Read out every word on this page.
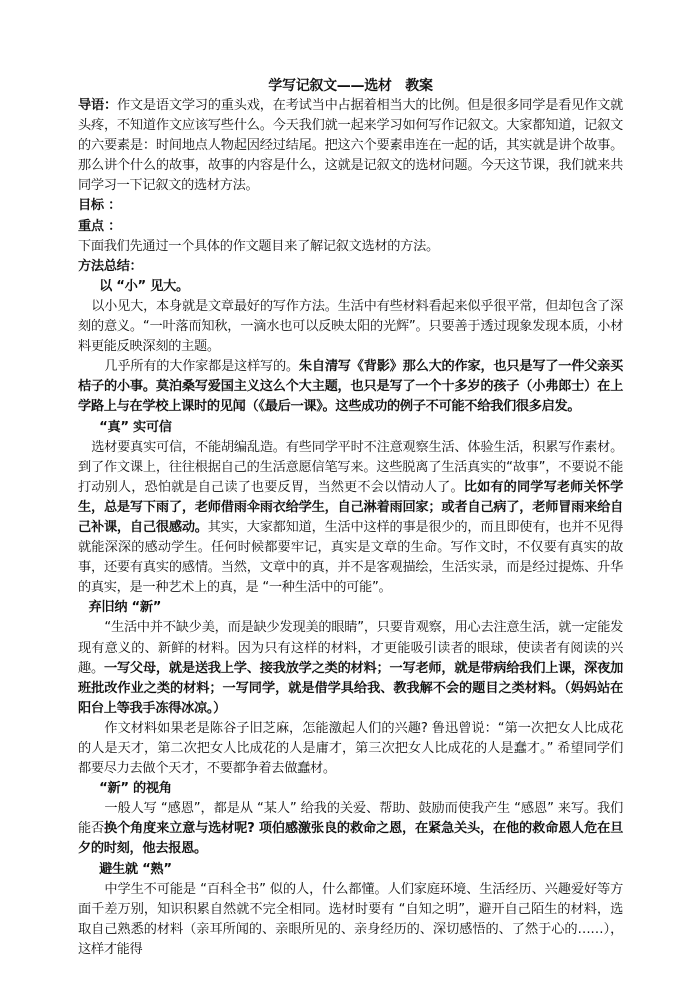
学写记叙文——选材　教案

导语：作文是语文学习的重头戏，在考试当中占据着相当大的比例。但是很多同学是看见作文就头疼，不知道作文应该写些什么。今天我们就一起来学习如何写作记叙文。大家都知道，记叙文的六要素是：时间地点人物起因经过结尾。把这六个要素串连在一起的话，其实就是讲个故事。那么讲个什么的故事，故事的内容是什么，这就是记叙文的选材问题。今天这节课，我们就来共同学习一下记叙文的选材方法。

目标 ：

重点 ：

下面我们先通过一个具体的作文题目来了解记叙文选材的方法。

方法总结：

以 “小” 见大。

以小见大，本身就是文章最好的写作方法。生活中有些材料看起来似乎很平常，但却包含了深刻的意义。“一叶落而知秋，一滴水也可以反映太阳的光辉”。只要善于透过现象发现本质，小材料更能反映深刻的主题。

几乎所有的大作家都是这样写的。朱自清写《背影》那么大的作家，也只是写了一件父亲买桔子的小事。莫泊桑写爱国主义这么个大主题，也只是写了一个十多岁的孩子（小弗郎士）在上学路上与在学校上课时的见闻（《最后一课》。这些成功的例子不可能不给我们很多启发。

“真” 实可信

选材要真实可信，不能胡编乱造。有些同学平时不注意观察生活、体验生活，积累写作素材。到了作文课上，往往根据自己的生活意愿信笔写来。这些脱离了生活真实的“故事”，不要说不能打动别人，恐怕就是自己读了也要反胃，当然更不会以情动人了。比如有的同学写老师关怀学生，总是写下雨了，老师借雨伞雨衣给学生，自己淋着雨回家；或者自己病了，老师冒雨来给自己补课，自己很感动。其实，大家都知道，生活中这样的事是很少的，而且即使有，也并不见得就能深深的感动学生。任何时候都要牢记，真实是文章的生命。写作文时，不仅要有真实的故事，还要有真实的感情。当然，文章中的真，并不是客观描绘，生活实录，而是经过提炼、升华的真实，是一种艺术上的真，是 “一种生活中的可能”。

弃旧纳 “新”

“生活中并不缺少美，而是缺少发现美的眼睛”，只要肯观察，用心去注意生活，就一定能发现有意义的、新鲜的材料。因为只有这样的材料，才更能吸引读者的眼球，使读者有阅读的兴趣。一写父母，就是送我上学、接我放学之类的材料；一写老师，就是带病给我们上课，深夜加班批改作业之类的材料；一写同学，就是借学具给我、教我解不会的题目之类材料。（妈妈站在阳台上等我手冻得冰凉。）

作文材料如果老是陈谷子旧芝麻，怎能激起人们的兴趣? 鲁迅曾说：“第一次把女人比成花的人是天才，第二次把女人比成花的人是庸才，第三次把女人比成花的人是蠢才。” 希望同学们都要尽力去做个天才，不要都争着去做蠢材。

“新” 的视角

一般人写 “感恩”，都是从 “某人” 给我的关爱、帮助、鼓励而使我产生 “感恩” 来写。我们能否换个角度来立意与选材呢? 项伯感激张良的救命之恩，在紧急关头，在他的救命恩人危在旦夕的时刻，他去报恩。

避生就 “熟”

中学生不可能是 “百科全书” 似的人，什么都懂。人们家庭环境、生活经历、兴趣爱好等方面千差万别，知识积累自然就不完全相同。选材时要有 “自知之明”，避开自己陌生的材料，选取自己熟悉的材料（亲耳所闻的、亲眼所见的、亲身经历的、深切感悟的、了然于心的……），这样才能得
